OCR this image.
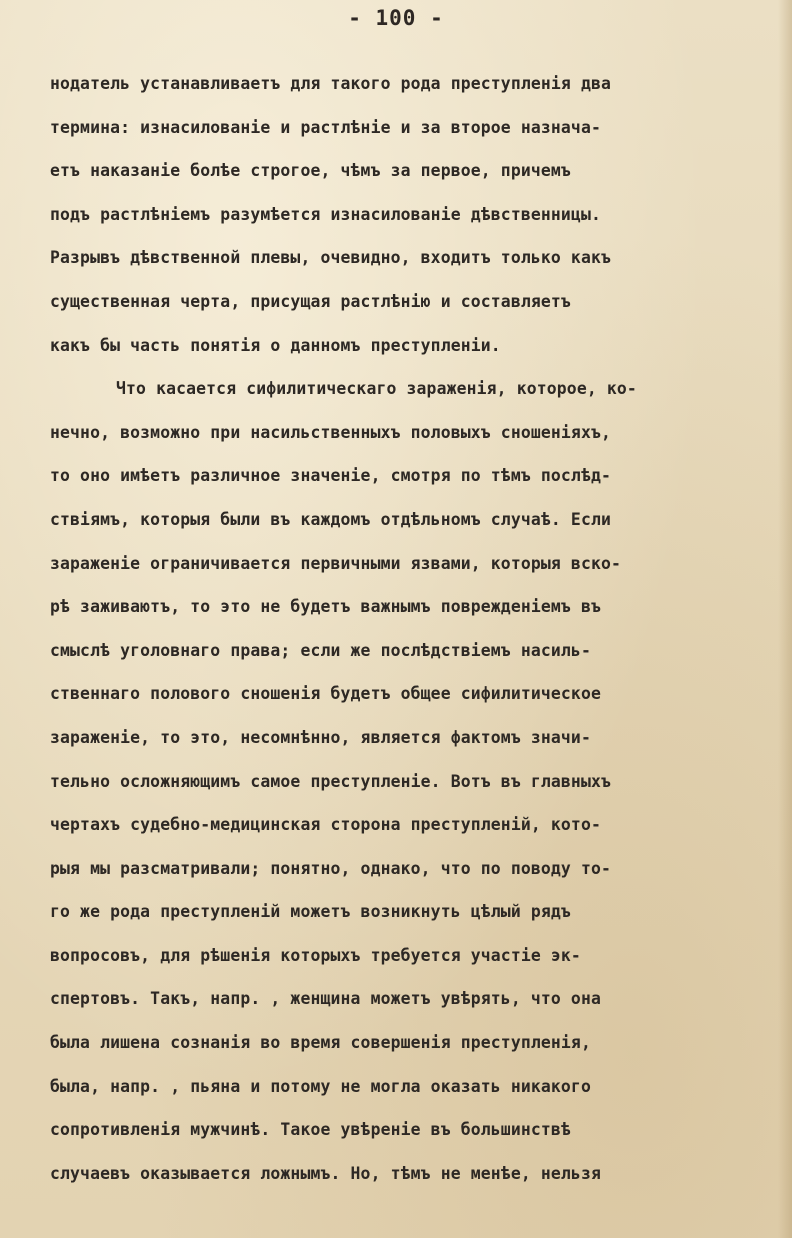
- 100 -
нодатель устанавливаетъ для такого рода преступленія два
термина: изнасилованіе и растлѣніе и за второе назнача-
етъ наказаніе болѣе строгое, чѣмъ за первое, причемъ
подъ растлѣніемъ разумѣется изнасилованіе дѣвственницы.
Разрывъ дѣвственной плевы, очевидно, входитъ только какъ
существенная черта, присущая растлѣнію и составляетъ
какъ бы часть понятія о данномъ преступленіи.
Что касается сифилитическаго зараженія, которое, ко-
нечно, возможно при насильственныхъ половыхъ сношеніяхъ,
то оно имѣетъ различное значеніе, смотря по тѣмъ послѣд-
ствіямъ, которыя были въ каждомъ отдѣльномъ случаѣ. Если
зараженіе ограничивается первичными язвами, которыя вско-
рѣ заживаютъ, то это не будетъ важнымъ поврежденіемъ въ
смыслѣ уголовнаго права; если же послѣдствіемъ насиль-
ственнаго полового сношенія будетъ общее сифилитическое
зараженіе, то это, несомнѣнно, является фактомъ значи-
тельно осложняющимъ самое преступленіе. Вотъ въ главныхъ
чертахъ судебно-медицинская сторона преступленій, кото-
рыя мы разсматривали; понятно, однако, что по поводу то-
го же рода преступленій можетъ возникнуть цѣлый рядъ
вопросовъ, для рѣшенія которыхъ требуется участіе эк-
спертовъ. Такъ, напр. , женщина можетъ увѣрять, что она
была лишена сознанія во время совершенія преступленія,
была, напр. , пьяна и потому не могла оказать никакого
сопротивленія мужчинѣ. Такое увѣреніе въ большинствѣ
случаевъ оказывается ложнымъ. Но, тѣмъ не менѣе, нельзя
